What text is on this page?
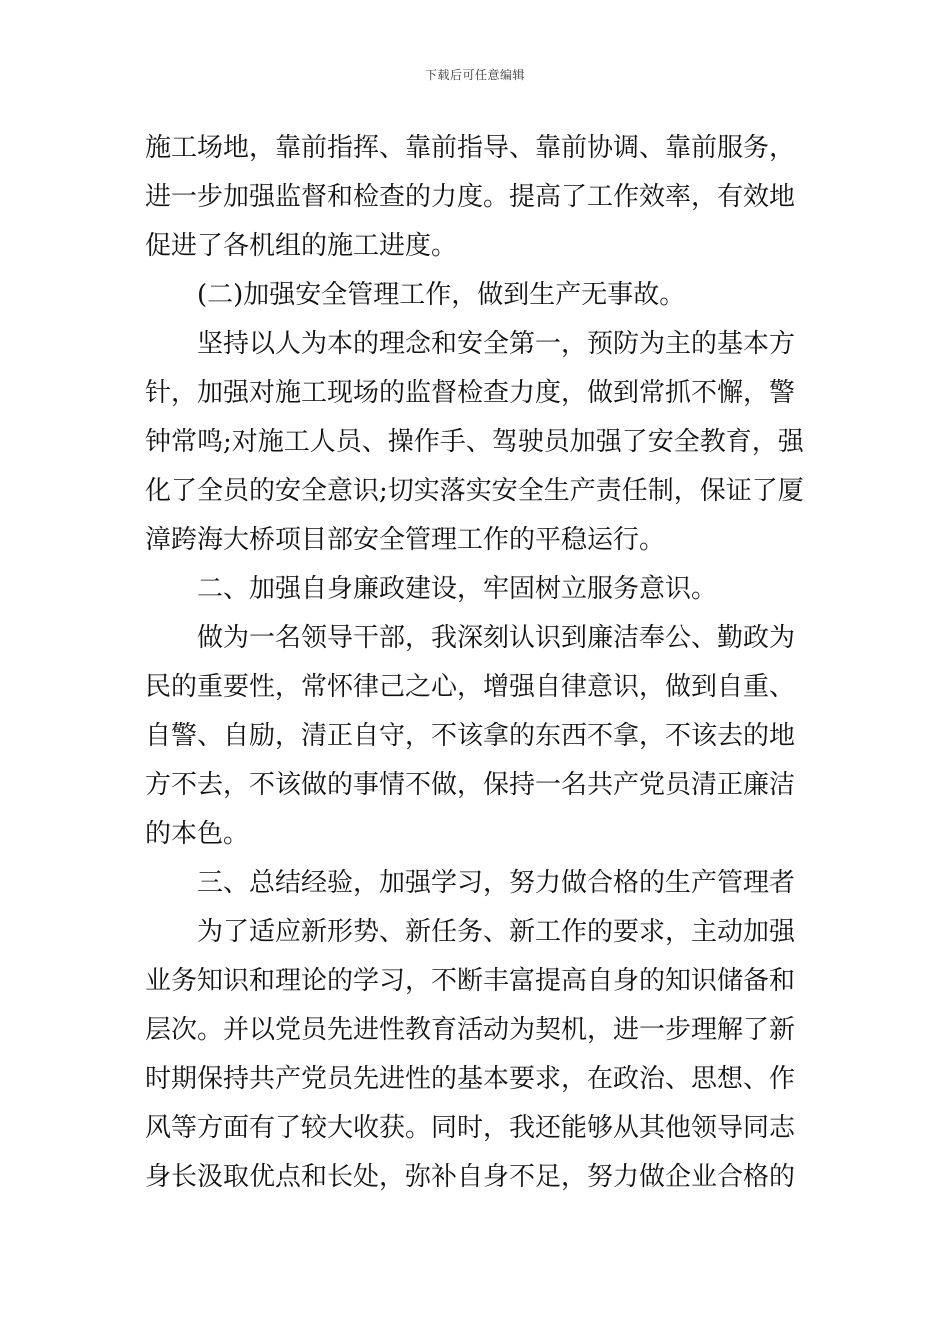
下载后可任意编辑
施工场地，靠前指挥、靠前指导、靠前协调、靠前服务，
进一步加强监督和检查的力度。提高了工作效率，有效地
促进了各机组的施工进度。
(二)加强安全管理工作，做到生产无事故。
坚持以人为本的理念和安全第一，预防为主的基本方
针，加强对施工现场的监督检查力度，做到常抓不懈，警
钟常鸣;对施工人员、操作手、驾驶员加强了安全教育，强
化了全员的安全意识;切实落实安全生产责任制，保证了厦
漳跨海大桥项目部安全管理工作的平稳运行。
二、加强自身廉政建设，牢固树立服务意识。
做为一名领导干部，我深刻认识到廉洁奉公、勤政为
民的重要性，常怀律己之心，增强自律意识，做到自重、
自警、自励，清正自守，不该拿的东西不拿，不该去的地
方不去，不该做的事情不做，保持一名共产党员清正廉洁
的本色。
三、总结经验，加强学习，努力做合格的生产管理者
为了适应新形势、新任务、新工作的要求，主动加强
业务知识和理论的学习，不断丰富提高自身的知识储备和
层次。并以党员先进性教育活动为契机，进一步理解了新
时期保持共产党员先进性的基本要求，在政治、思想、作
风等方面有了较大收获。同时，我还能够从其他领导同志
身长汲取优点和长处，弥补自身不足，努力做企业合格的
